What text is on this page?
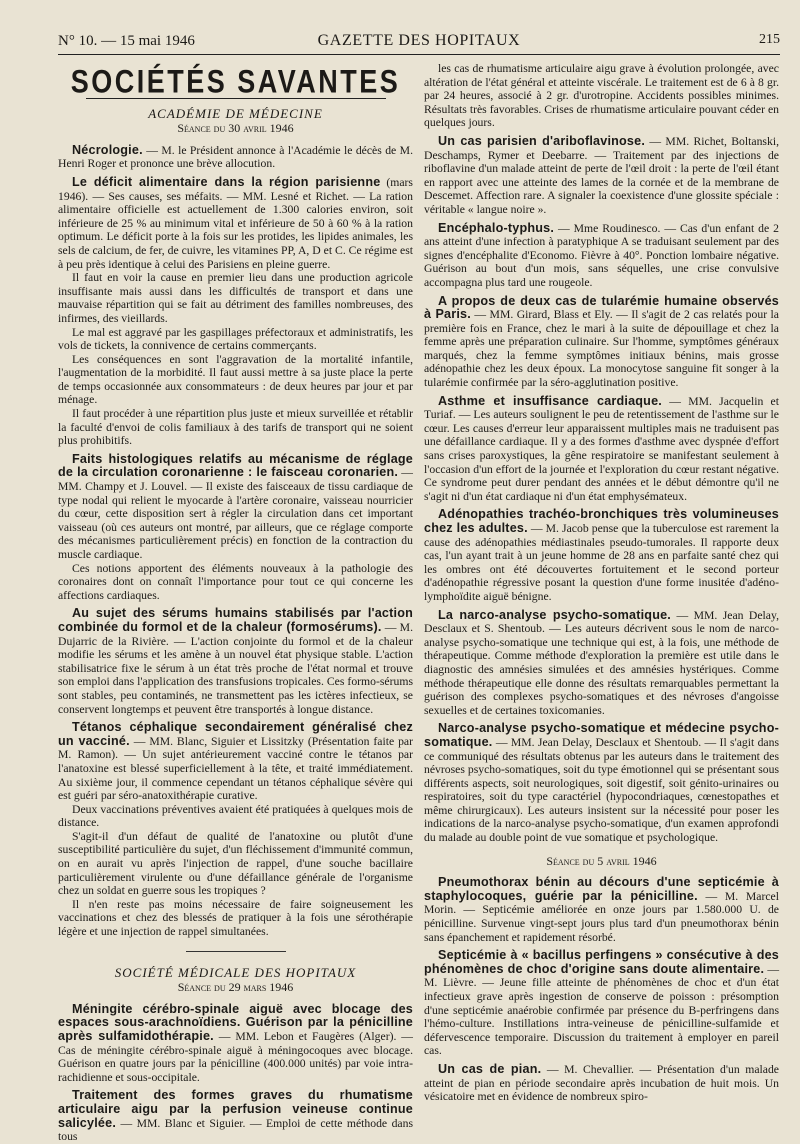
N° 10. — 15 mai 1946	GAZETTE DES HOPITAUX	215
SOCIÉTÉS SAVANTES
ACADÉMIE DE MÉDECINE
Séance du 30 avril 1946

Nécrologie. — M. le Président annonce à l'Académie le décès de M. Henri Roger et prononce une brève allocution.

Le déficit alimentaire dans la région parisienne (mars 1946). — Ses causes, ses méfaits. — MM. Lesné et Richet. — La ration alimentaire officielle est actuellement de 1.300 calories environ, soit inférieure de 25 % au minimum vital et inférieure de 50 à 60 % à la ration optimum. Le déficit porte à la fois sur les protides, les lipides animales, les sels de calcium, de fer, de cuivre, les vitamines PP, A, D et C. Ce régime est à peu près identique à celui des Parisiens en pleine guerre.

Il faut en voir la cause en premier lieu dans une production agricole insuffisante mais aussi dans les difficultés de transport et dans une mauvaise répartition qui se fait au détriment des familles nombreuses, des infirmes, des vieillards.

Le mal est aggravé par les gaspillages préfectoraux et administratifs, les vols de tickets, la connivence de certains commerçants.

Les conséquences en sont l'aggravation de la mortalité infantile, l'augmentation de la morbidité. Il faut aussi mettre à sa juste place la perte de temps occasionnée aux consommateurs : de deux heures par jour et par ménage.

Il faut procéder à une répartition plus juste et mieux surveillée et rétablir la faculté d'envoi de colis familiaux à des tarifs de transport qui ne soient plus prohibitifs.

Faits histologiques relatifs au mécanisme de réglage de la circulation coronarienne : le faisceau coronarien. — MM. Champy et J. Louvel. — Il existe des faisceaux de tissu cardiaque de type nodal qui relient le myocarde à l'artère coronaire, vaisseau nourricier du cœur, cette disposition sert à régler la circulation dans cet important vaisseau (où ces auteurs ont montré, par ailleurs, que ce réglage comporte des mécanismes particulièrement précis) en fonction de la contraction du muscle cardiaque.

Ces notions apportent des éléments nouveaux à la pathologie des coronaires dont on connaît l'importance pour tout ce qui concerne les affections cardiaques.

Au sujet des sérums humains stabilisés par l'action combinée du formol et de la chaleur (formosérums). — M. Dujarric de la Rivière. — L'action conjointe du formol et de la chaleur modifie les sérums et les amène à un nouvel état physique stable. L'action stabilisatrice fixe le sérum à un état très proche de l'état normal et trouve son emploi dans l'application des transfusions tropicales. Ces formo-sérums sont stables, peu contaminés, ne transmettent pas les ictères infectieux, se conservent longtemps et peuvent être transportés à longue distance.

Tétanos céphalique secondairement généralisé chez un vacciné. — MM. Blanc, Siguier et Lissitzky (Présentation faite par M. Ramon). — Un sujet antérieurement vacciné contre le tétanos par l'anatoxine est blessé superficiellement à la tête, et traité immédiatement. Au sixième jour, il commence cependant un tétanos céphalique sévère qui est guéri par séro-anatoxithérapie curative.

Deux vaccinations préventives avaient été pratiquées à quelques mois de distance.

S'agit-il d'un défaut de qualité de l'anatoxine ou plutôt d'une susceptibilité particulière du sujet, d'un fléchissement d'immunité commun, on en aurait vu après l'injection de rappel, d'une souche bacillaire particulièrement virulente ou d'une défaillance générale de l'organisme chez un soldat en guerre sous les tropiques ?

Il n'en reste pas moins nécessaire de faire soigneusement les vaccinations et chez des blessés de pratiquer à la fois une sérothérapie légère et une injection de rappel simultanées.

SOCIÉTÉ MÉDICALE DES HOPITAUX
Séance du 29 mars 1946

Méningite cérébro-spinale aiguë avec blocage des espaces sous-arachnoïdiens. Guérison par la pénicilline après sulfamidothérapie. — MM. Lebon et Faugères (Alger). — Cas de méningite cérébro-spinale aiguë à méningocoques avec blocage. Guérison en quatre jours par la pénicilline (400.000 unités) par voie intra-rachidienne et sous-occipitale.

Traitement des formes graves du rhumatisme articulaire aigu par la perfusion veineuse continue salicylée. — MM. Blanc et Siguier. — Emploi de cette méthode dans tous

les cas de rhumatisme articulaire aigu grave à évolution prolongée, avec altération de l'état général et atteinte viscérale. Le traitement est de 6 à 8 gr. par 24 heures, associé à 2 gr. d'urotropine. Accidents possibles minimes. Résultats très favorables. Crises de rhumatisme articulaire pouvant céder en quelques jours.

Un cas parisien d'ariboflavinose. — MM. Richet, Boltanski, Deschamps, Rymer et Deebarre. — Traitement par des injections de riboflavine d'un malade atteint de perte de l'œil droit : la perte de l'œil étant en rapport avec une atteinte des lames de la cornée et de la membrane de Descemet. Affection rare. A signaler la coexistence d'une glossite spéciale : véritable « langue noire ».

Encéphalo-typhus. — Mme Roudinesco. — Cas d'un enfant de 2 ans atteint d'une infection à paratyphique A se traduisant seulement par des signes d'encéphalite d'Economo. Fièvre à 40°. Ponction lombaire négative. Guérison au bout d'un mois, sans séquelles, une crise convulsive accompagna plus tard une rougeole.

A propos de deux cas de tularémie humaine observés à Paris. — MM. Girard, Blass et Ely. — Il s'agit de 2 cas relatés pour la première fois en France, chez le mari à la suite de dépouillage et chez la femme après une préparation culinaire. Sur l'homme, symptômes généraux marqués, chez la femme symptômes initiaux bénins, mais grosse adénopathie chez les deux époux. La monocytose sanguine fit songer à la tularémie confirmée par la séro-agglutination positive.

Asthme et insuffisance cardiaque. — MM. Jacquelin et Turiaf. — Les auteurs soulignent le peu de retentissement de l'asthme sur le cœur. Les causes d'erreur leur apparaissent multiples mais ne traduisent pas une défaillance cardiaque. Il y a des formes d'asthme avec dyspnée d'effort sans crises paroxystiques, la gêne respiratoire se manifestant seulement à l'occasion d'un effort de la journée et l'exploration du cœur restant négative. Ce syndrome peut durer pendant des années et le début démontre qu'il ne s'agit ni d'un état cardiaque ni d'un état emphysémateux.

Adénopathies trachéo-bronchiques très volumineuses chez les adultes. — M. Jacob pense que la tuberculose est rarement la cause des adénopathies médiastinales pseudo-tumorales. Il rapporte deux cas, l'un ayant trait à un jeune homme de 28 ans en parfaite santé chez qui les ombres ont été découvertes fortuitement et le second porteur d'adénopathie régressive posant la question d'une forme inusitée d'adéno-lymphoïdite aiguë bénigne.

La narco-analyse psycho-somatique. — MM. Jean Delay, Desclaux et S. Shentoub. — Les auteurs décrivent sous le nom de narco-analyse psycho-somatique une technique qui est, à la fois, une méthode de thérapeutique. Comme méthode d'exploration la première est utile dans le diagnostic des amnésies simulées et des amnésies hystériques. Comme méthode thérapeutique elle donne des résultats remarquables permettant la guérison des complexes psycho-somatiques et des névroses d'angoisse sexuelles et de certaines toxicomanies.

Narco-analyse psycho-somatique et médecine psycho-somatique. — MM. Jean Delay, Desclaux et Shentoub. — Il s'agit dans ce communiqué des résultats obtenus par les auteurs dans le traitement des névroses psycho-somatiques, soit du type émotionnel qui se présentant sous différents aspects, soit neurologiques, soit digestif, soit génito-urinaires ou respiratoires, soit du type caractériel (hypocondriaques, cœnestopathes et même chirurgicaux). Les auteurs insistent sur la nécessité pour poser les indications de la narco-analyse psycho-somatique, d'un examen approfondi du malade au double point de vue somatique et psychologique.

Séance du 5 avril 1946

Pneumothorax bénin au décours d'une septicémie à staphylocoques, guérie par la pénicilline. — M. Marcel Morin. — Septicémie améliorée en onze jours par 1.580.000 U. de pénicilline. Survenue vingt-sept jours plus tard d'un pneumothorax bénin sans épanchement et rapidement résorbé.

Septicémie à « bacillus perfingens » consécutive à des phénomènes de choc d'origine sans doute alimentaire. — M. Lièvre. — Jeune fille atteinte de phénomènes de choc et d'un état infectieux grave après ingestion de conserve de poisson : présomption d'une septicémie anaérobie confirmée par présence du B-perfringens dans l'hémo-culture. Instillations intra-veineuse de pénicilline-sulfamide et défervescence temporaire. Discussion du traitement à employer en pareil cas.

Un cas de pian. — M. Chevallier. — Présentation d'un malade atteint de pian en période secondaire après incubation de huit mois. Un vésicatoire met en évidence de nombreux spiro-
